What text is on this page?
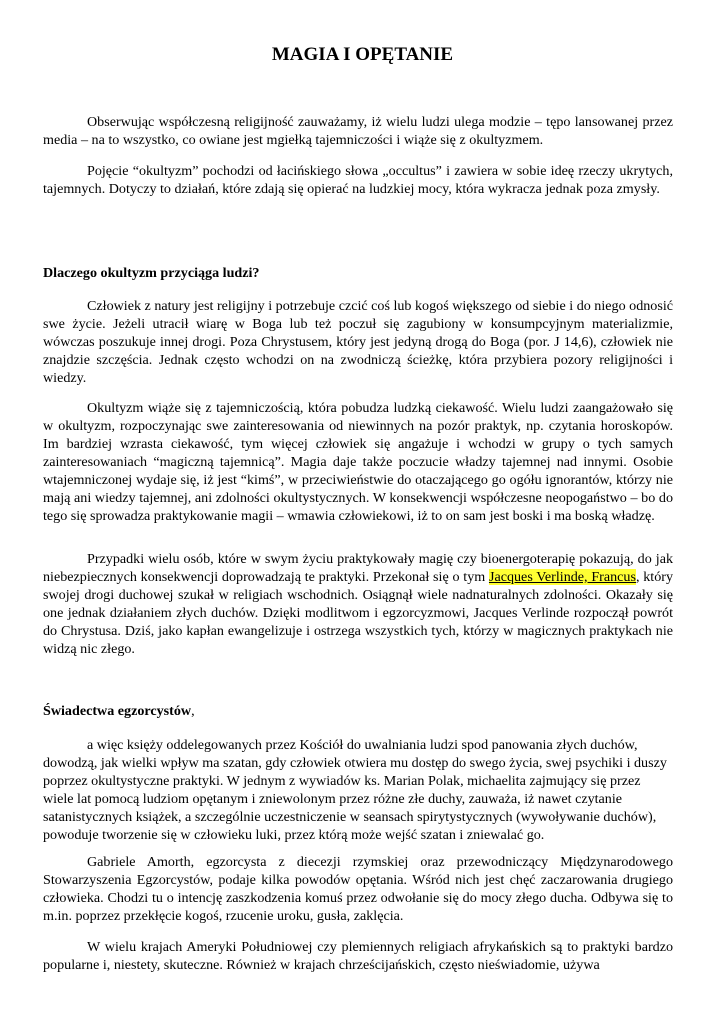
MAGIA I OPĘTANIE

Obserwując współczesną religijność zauważamy, iż wielu ludzi ulega modzie – tępo lansowanej przez media – na to wszystko, co owiane jest mgiełką tajemniczości i wiąże się z okultyzmem.

Pojęcie “okultyzm” pochodzi od łacińskiego słowa „occultus” i zawiera w sobie ideę rzeczy ukrytych, tajemnych. Dotyczy to działań, które zdają się opierać na ludzkiej mocy, która wykracza jednak poza zmysły.

Dlaczego okultyzm przyciąga ludzi?

Człowiek z natury jest religijny i potrzebuje czcić coś lub kogoś większego od siebie i do niego odnosić swe życie. Jeżeli utracił wiarę w Boga lub też poczuł się zagubiony w konsumpcyjnym materializmie, wówczas poszukuje innej drogi. Poza Chrystusem, który jest jedyną drogą do Boga (por. J 14,6), człowiek nie znajdzie szczęścia. Jednak często wchodzi on na zwodniczą ścieżkę, która przybiera pozory religijności i wiedzy.

Okultyzm wiąże się z tajemniczością, która pobudza ludzką ciekawość. Wielu ludzi zaangażowało się w okultyzm, rozpoczynając swe zainteresowania od niewinnych na pozór praktyk, np. czytania horoskopów. Im bardziej wzrasta ciekawość, tym więcej człowiek się angażuje i wchodzi w grupy o tych samych zainteresowaniach “magiczną tajemnicą”. Magia daje także poczucie władzy tajemnej nad innymi. Osobie wtajemniczonej wydaje się, iż jest “kimś”, w przeciwieństwie do otaczającego go ogółu ignorantów, którzy nie mają ani wiedzy tajemnej, ani zdolności okultystycznych. W konsekwencji współczesne neopogaństwo – bo do tego się sprowadza praktykowanie magii – wmawia człowiekowi, iż to on sam jest boski i ma boską władzę.

Przypadki wielu osób, które w swym życiu praktykowały magię czy bioenergoterapię pokazują, do jak niebezpiecznych konsekwencji doprowadzają te praktyki. Przekonał się o tym Jacques Verlinde, Francus, który swojej drogi duchowej szukał w religiach wschodnich. Osiągnął wiele nadnaturalnych zdolności. Okazały się one jednak działaniem złych duchów. Dzięki modlitwom i egzorcyzmowi, Jacques Verlinde rozpoczął powrót do Chrystusa. Dziś, jako kapłan ewangelizuje i ostrzega wszystkich tych, którzy w magicznych praktykach nie widzą nic złego.

Świadectwa egzorcystów,

a więc księży oddelegowanych przez Kościół do uwalniania ludzi spod panowania złych duchów, dowodzą, jak wielki wpływ ma szatan, gdy człowiek otwiera mu dostęp do swego życia, swej psychiki i duszy poprzez okultystyczne praktyki. W jednym z wywiadów ks. Marian Polak, michaelita zajmujący się przez wiele lat pomocą ludziom opętanym i zniewolonym przez różne złe duchy, zauważa, iż nawet czytanie satanistycznych książek, a szczególnie uczestniczenie w seansach spirytystycznych (wywoływanie duchów), powoduje tworzenie się w człowieku luki, przez którą może wejść szatan i zniewalać go.

Gabriele Amorth, egzorcysta z diecezji rzymskiej oraz przewodniczący Międzynarodowego Stowarzyszenia Egzorcystów, podaje kilka powodów opętania. Wśród nich jest chęć zaczarowania drugiego człowieka. Chodzi tu o intencję zaszkodzenia komuś przez odwołanie się do mocy złego ducha. Odbywa się to m.in. poprzez przekłęcie kogoś, rzucenie uroku, gusła, zaklęcia.

W wielu krajach Ameryki Południowej czy plemiennych religiach afrykańskich są to praktyki bardzo popularne i, niestety, skuteczne. Również w krajach chrześcijańskich, często nieświadomie, używa
